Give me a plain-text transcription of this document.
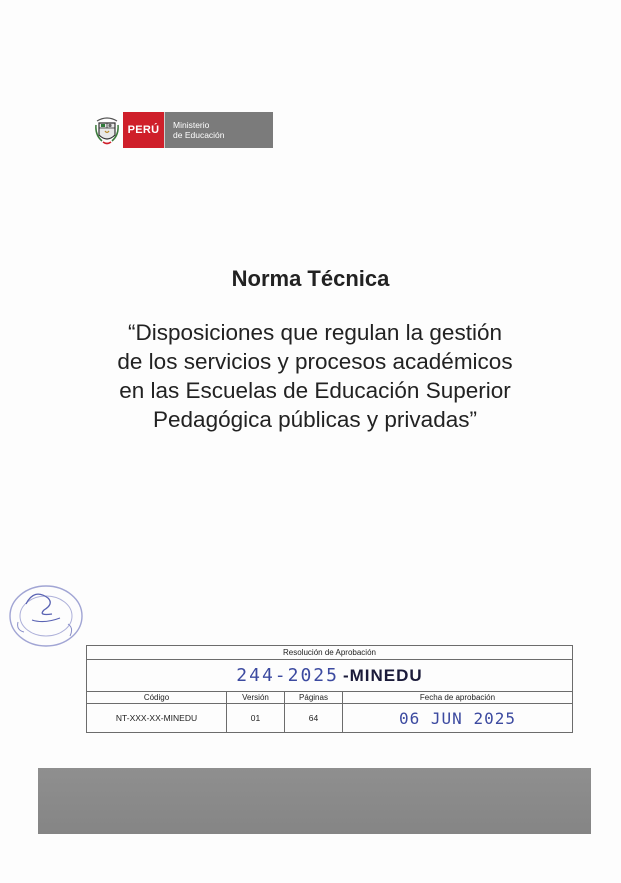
PERÚ	Ministerio
de Educación
Norma Técnica
“Disposiciones que regulan la gestión
de los servicios y procesos académicos
en las Escuelas de Educación Superior
Pedagógica públicas y privadas”
Resolución de Aprobación			
244-2025 -MINEDU			
Código	Versión	Páginas	Fecha de aprobación
NT-XXX-XX-MINEDU	01	64	06 JUN 2025
